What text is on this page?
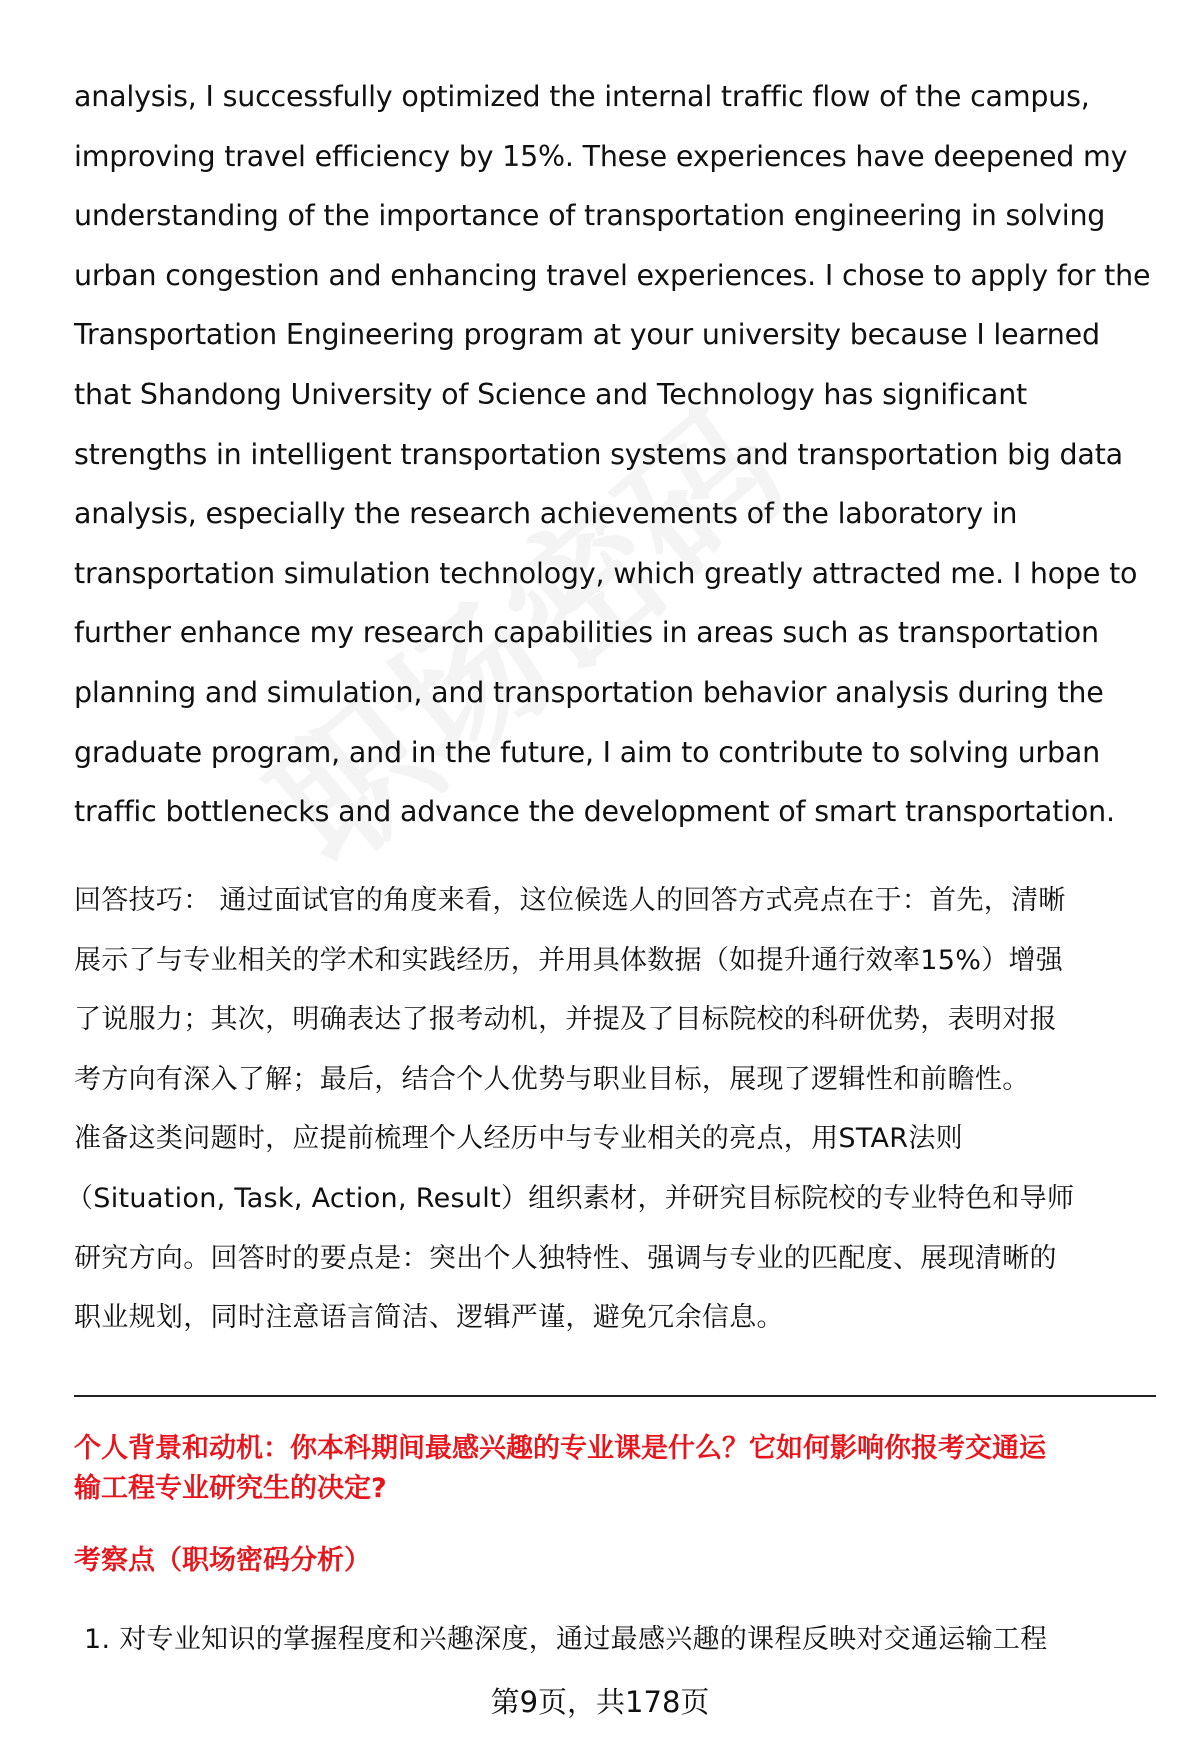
analysis, I successfully optimized the internal traffic flow of the campus,
improving travel efficiency by 15%. These experiences have deepened my
understanding of the importance of transportation engineering in solving
urban congestion and enhancing travel experiences. I chose to apply for the
Transportation Engineering program at your university because I learned
that Shandong University of Science and Technology has significant
strengths in intelligent transportation systems and transportation big data
analysis, especially the research achievements of the laboratory in
transportation simulation technology, which greatly attracted me. I hope to
further enhance my research capabilities in areas such as transportation
planning and simulation, and transportation behavior analysis during the
graduate program, and in the future, I aim to contribute to solving urban
traffic bottlenecks and advance the development of smart transportation.
回答技巧： 通过面试官的角度来看，这位候选人的回答方式亮点在于：首先，清晰
展示了与专业相关的学术和实践经历，并用具体数据（如提升通行效率15%）增强
了说服力；其次，明确表达了报考动机，并提及了目标院校的科研优势，表明对报
考方向有深入了解；最后，结合个人优势与职业目标，展现了逻辑性和前瞻性。
准备这类问题时，应提前梳理个人经历中与专业相关的亮点，用STAR法则
（Situation, Task, Action, Result）组织素材，并研究目标院校的专业特色和导师
研究方向。回答时的要点是：突出个人独特性、强调与专业的匹配度、展现清晰的
职业规划，同时注意语言简洁、逻辑严谨，避免冗余信息。
个人背景和动机：你本科期间最感兴趣的专业课是什么？它如何影响你报考交通运
输工程专业研究生的决定?
考察点（职场密码分析）
1. 对专业知识的掌握程度和兴趣深度，通过最感兴趣的课程反映对交通运输工程
第9页，共178页
